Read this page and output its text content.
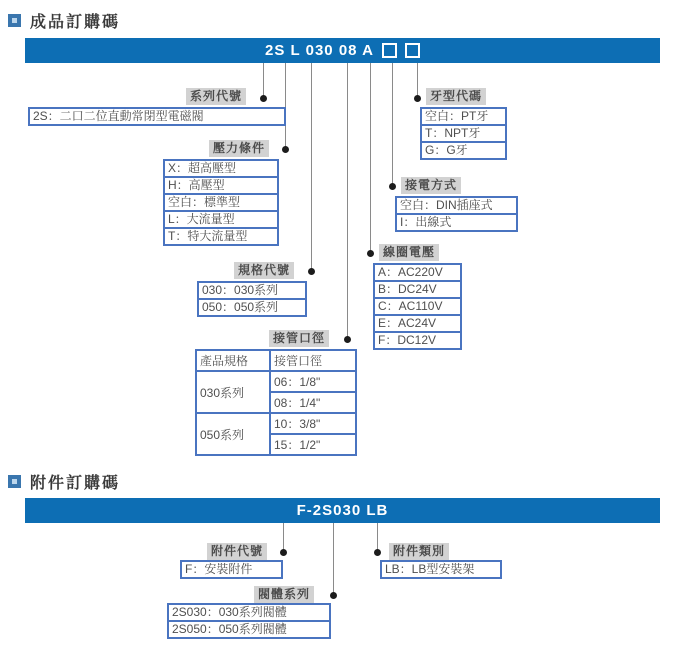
成品訂購碼
2S L 030 08 A
系列代號
壓力條件
規格代號
接管口徑
牙型代碼
接電方式
線圈電壓
2S：二口二位直動常閉型電磁閥
X：超高壓型
H：高壓型
空白：標準型
L：大流量型
T：特大流量型
030：030系列
050：050系列
產品規格	接管口徑
030系列	06：1/8"
	08：1/4"
050系列	10：3/8"
	15：1/2"
空白：PT牙
T：NPT牙
G：G牙
空白：DIN插座式
I：出線式
A：AC220V
B：DC24V
C：AC110V
E：AC24V
F：DC12V
附件訂購碼
F-2S030 LB
附件代號	附件類別
閥體系列
F：安裝附件	LB：LB型安裝架
2S030：030系列閥體
2S050：050系列閥體
